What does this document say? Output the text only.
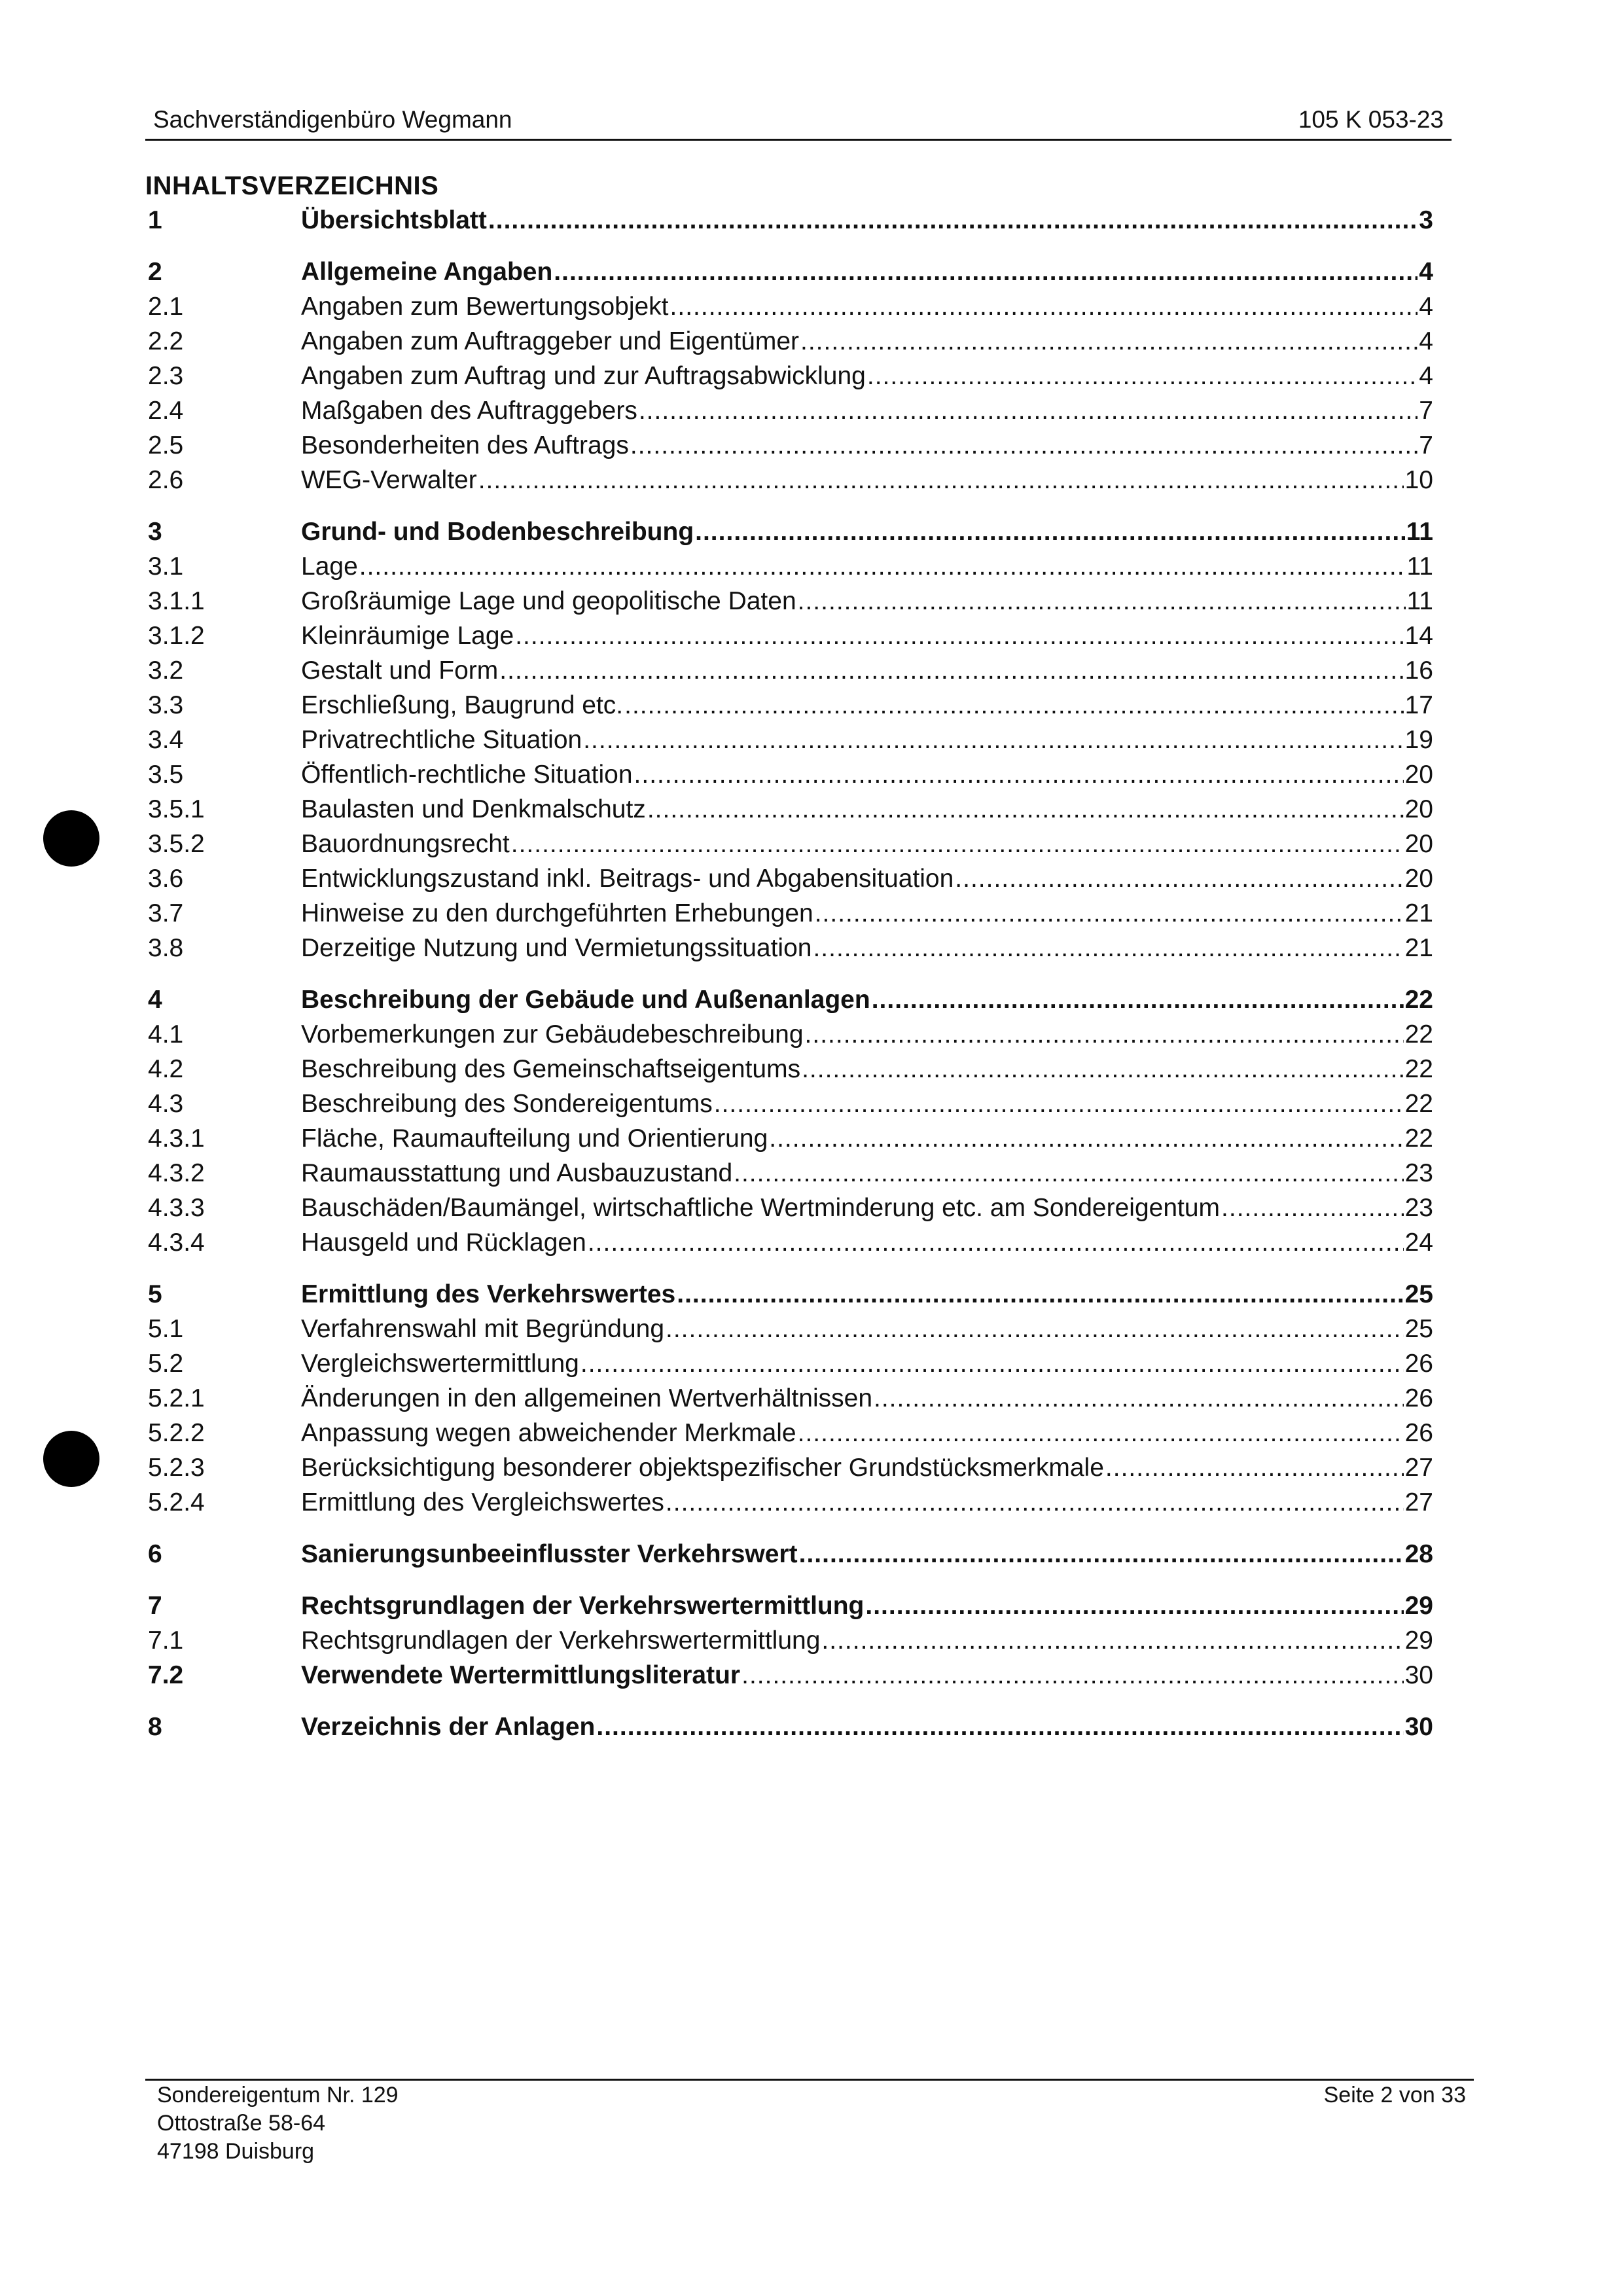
Sachverständigenbüro Wegmann	105 K 053-23
INHALTSVERZEICHNIS
1	Übersichtsblatt .....	3
2	Allgemeine Angaben .....	4
2.1	Angaben zum Bewertungsobjekt .....	4
2.2	Angaben zum Auftraggeber und Eigentümer .....	4
2.3	Angaben zum Auftrag und zur Auftragsabwicklung .....	4
2.4	Maßgaben des Auftraggebers .....	7
2.5	Besonderheiten des Auftrags .....	7
2.6	WEG-Verwalter .....	10
3	Grund- und Bodenbeschreibung .....	11
3.1	Lage .....	11
3.1.1	Großräumige Lage und geopolitische Daten .....	11
3.1.2	Kleinräumige Lage .....	14
3.2	Gestalt und Form .....	16
3.3	Erschließung, Baugrund etc. .....	17
3.4	Privatrechtliche Situation .....	19
3.5	Öffentlich-rechtliche Situation .....	20
3.5.1	Baulasten und Denkmalschutz .....	20
3.5.2	Bauordnungsrecht .....	20
3.6	Entwicklungszustand inkl. Beitrags- und Abgabensituation .....	20
3.7	Hinweise zu den durchgeführten Erhebungen .....	21
3.8	Derzeitige Nutzung und Vermietungssituation .....	21
4	Beschreibung der Gebäude und Außenanlagen .....	22
4.1	Vorbemerkungen zur Gebäudebeschreibung .....	22
4.2	Beschreibung des Gemeinschaftseigentums .....	22
4.3	Beschreibung des Sondereigentums .....	22
4.3.1	Fläche, Raumaufteilung und Orientierung .....	22
4.3.2	Raumausstattung und Ausbauzustand .....	23
4.3.3	Bauschäden/Baumängel, wirtschaftliche Wertminderung etc. am Sondereigentum .....	23
4.3.4	Hausgeld und Rücklagen .....	24
5	Ermittlung des Verkehrswertes .....	25
5.1	Verfahrenswahl mit Begründung .....	25
5.2	Vergleichswertermittlung .....	26
5.2.1	Änderungen in den allgemeinen Wertverhältnissen .....	26
5.2.2	Anpassung wegen abweichender Merkmale .....	26
5.2.3	Berücksichtigung besonderer objektspezifischer Grundstücksmerkmale .....	27
5.2.4	Ermittlung des Vergleichswertes .....	27
6	Sanierungsunbeeinflusster Verkehrswert .....	28
7	Rechtsgrundlagen der Verkehrswertermittlung .....	29
7.1	Rechtsgrundlagen der Verkehrswertermittlung .....	29
7.2	Verwendete Wertermittlungsliteratur .....	30
8	Verzeichnis der Anlagen .....	30
Sondereigentum Nr. 129
Ottostraße 58-64
47198 Duisburg
Seite 2 von 33
